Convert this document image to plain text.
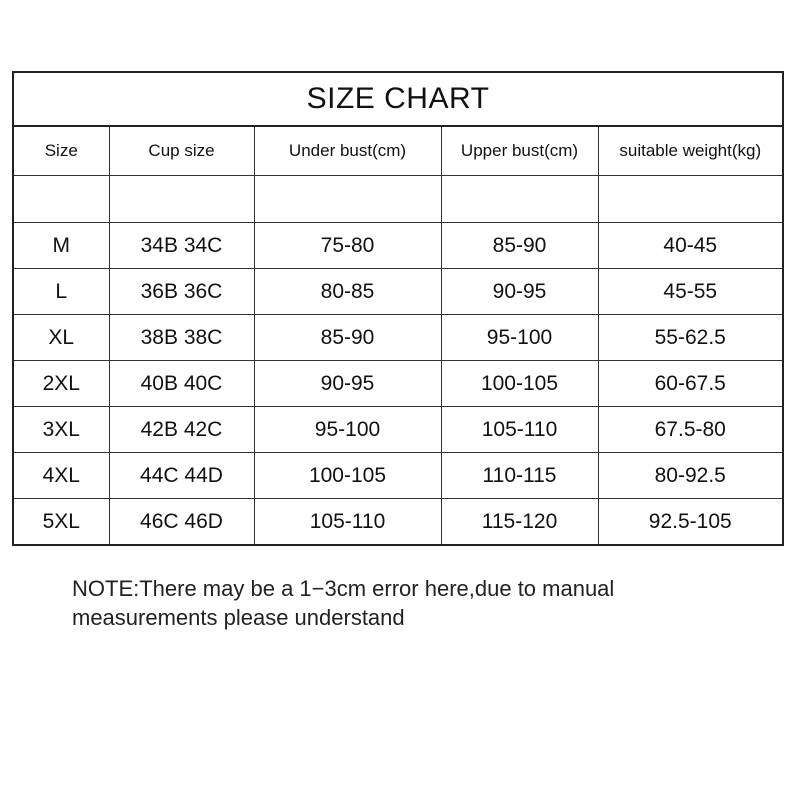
SIZE CHART
Size	Cup size	Under bust(cm)	Upper bust(cm)	suitable weight(kg)

M	34B 34C	75-80	85-90	40-45
L	36B 36C	80-85	90-95	45-55
XL	38B 38C	85-90	95-100	55-62.5
2XL	40B 40C	90-95	100-105	60-67.5
3XL	42B 42C	95-100	105-110	67.5-80
4XL	44C 44D	100-105	110-115	80-92.5
5XL	46C 46D	105-110	115-120	92.5-105
NOTE:There may be a 1−3cm error here,due to manual
measurements please understand
